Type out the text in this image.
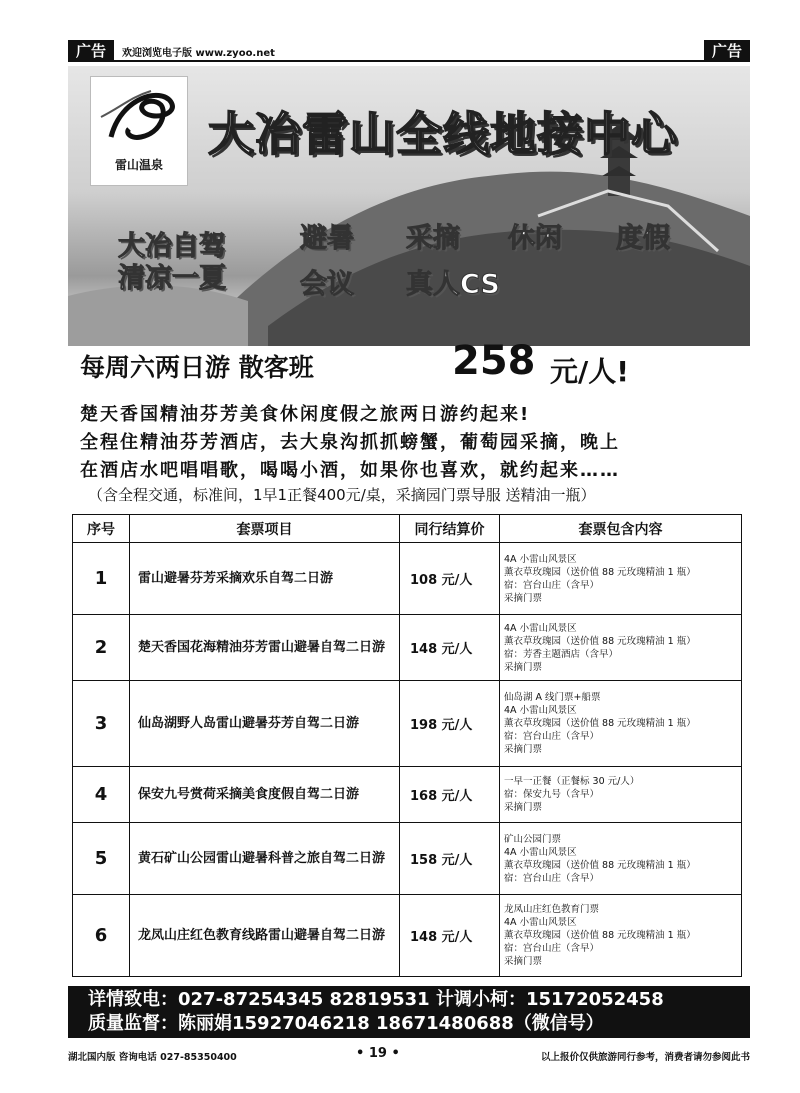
广告	欢迎浏览电子版 www.zyoo.net	广告
雷山温泉
大冶雷山全线地接中心
大冶自驾
清凉一夏
避暑 采摘 休闲 度假
会议 真人CS
每周六两日游 散客班	258 元/人!
楚天香国精油芬芳美食休闲度假之旅两日游约起来!
全程住精油芬芳酒店，去大泉沟抓抓螃蟹，葡萄园采摘，晚上
在酒店水吧唱唱歌，喝喝小酒，如果你也喜欢，就约起来……
（含全程交通，标准间，1早1正餐400元/桌，采摘园门票导服 送精油一瓶）
序号	套票项目	同行结算价	套票包含内容
1	雷山避暑芬芳采摘欢乐自驾二日游	108 元/人	4A 小雷山风景区
薰衣草玫瑰园（送价值 88 元玫瑰精油 1 瓶）
宿：宫台山庄（含早）
采摘门票

2	楚天香国花海精油芬芳雷山避暑自驾二日游	148 元/人	4A 小雷山风景区
薰衣草玫瑰园（送价值 88 元玫瑰精油 1 瓶）
宿：芳香主题酒店（含早）
采摘门票

3	仙岛湖野人岛雷山避暑芬芳自驾二日游	198 元/人	仙岛湖 A 线门票+船票
4A 小雷山风景区
薰衣草玫瑰园（送价值 88 元玫瑰精油 1 瓶）
宿：宫台山庄（含早）
采摘门票

4	保安九号赏荷采摘美食度假自驾二日游	168 元/人	一早一正餐（正餐标 30 元/人）
宿：保安九号（含早）
采摘门票

5	黄石矿山公园雷山避暑科普之旅自驾二日游	158 元/人	矿山公园门票
4A 小雷山风景区
薰衣草玫瑰园（送价值 88 元玫瑰精油 1 瓶）
宿：宫台山庄（含早）

6	龙凤山庄红色教育线路雷山避暑自驾二日游	148 元/人	龙凤山庄红色教育门票
4A 小雷山风景区
薰衣草玫瑰园（送价值 88 元玫瑰精油 1 瓶）
宿：宫台山庄（含早）
采摘门票
详情致电：027-87254345 82819531 计调小柯：15172052458
质量监督：陈丽娟15927046218 18671480688（微信号）
湖北国内版 咨询电话 027-85350400	• 19 •	以上报价仅供旅游同行参考，消费者请勿参阅此书
